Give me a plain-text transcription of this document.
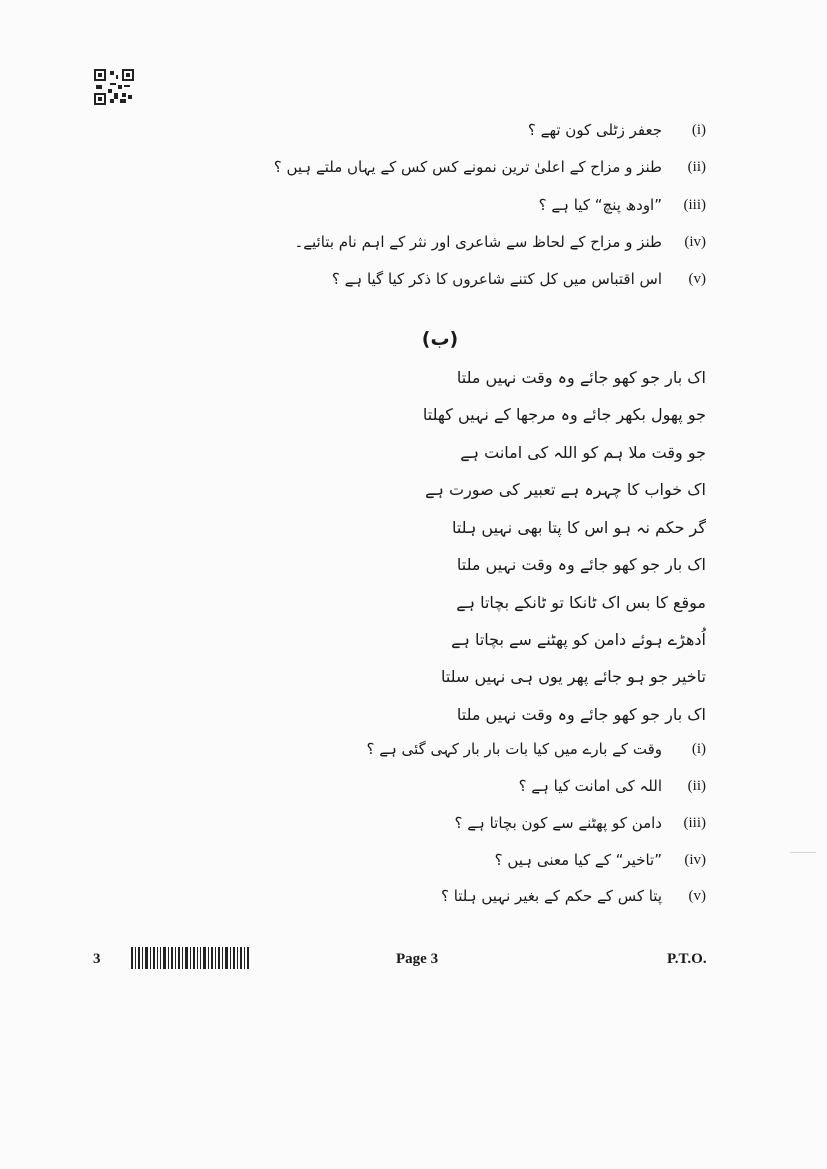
(i)
جعفر زٹلی کون تھے ؟
(ii)
طنز و مزاح کے اعلیٰ ترین نمونے کس کس کے یہاں ملتے ہیں ؟
(iii)
”اودھ پنچ“ کیا ہے ؟
(iv)
طنز و مزاح کے لحاظ سے شاعری اور نثر کے اہم نام بتائیے۔
(v)
اس اقتباس میں کل کتنے شاعروں کا ذکر کیا گیا ہے ؟
(ب)
اک بار جو کھو جائے وہ وقت نہیں ملتا
جو پھول بکھر جائے وہ مرجھا کے نہیں کھلتا
جو وقت ملا ہم کو اللہ کی امانت ہے
اک خواب کا چہرہ ہے تعبیر کی صورت ہے
گر حکم نہ ہو اس کا پتا بھی نہیں ہلتا
اک بار جو کھو جائے وہ وقت نہیں ملتا
موقع کا بس اک ٹانکا تو ٹانکے بچاتا ہے
اُدھڑے ہوئے دامن کو پھٹنے سے بچاتا ہے
تاخیر جو ہو جائے پھر یوں ہی نہیں سلتا
اک بار جو کھو جائے وہ وقت نہیں ملتا
(i)
وقت کے بارے میں کیا بات بار بار کہی گئی ہے ؟
(ii)
اللہ کی امانت کیا ہے ؟
(iii)
دامن کو پھٹنے سے کون بچاتا ہے ؟
(iv)
”تاخیر“ کے کیا معنی ہیں ؟
(v)
پتا کس کے حکم کے بغیر نہیں ہلتا ؟
3	Page 3	P.T.O.
